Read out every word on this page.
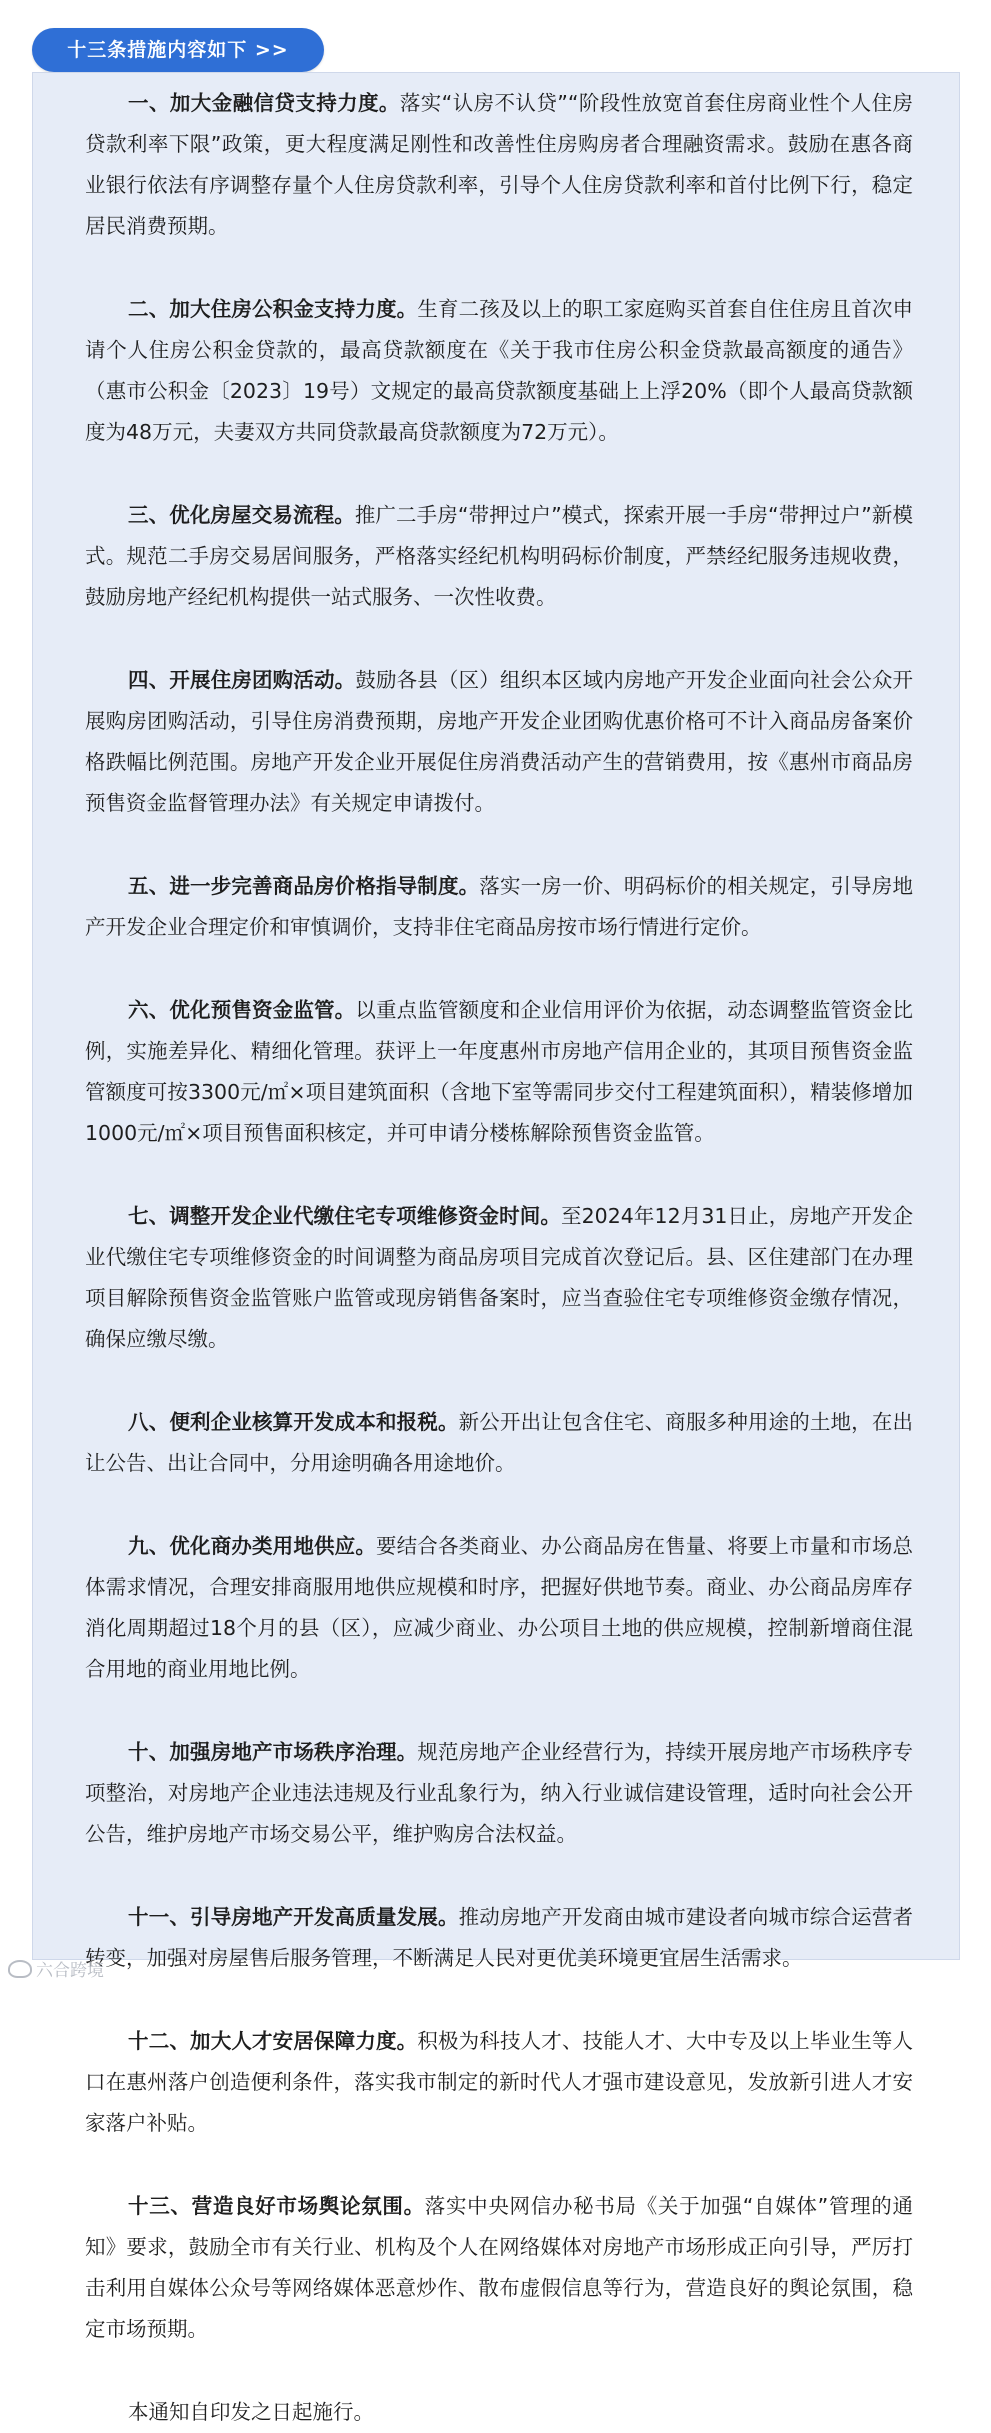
十三条措施内容如下 >>

一、加大金融信贷支持力度。落实“认房不认贷”“阶段性放宽首套住房商业性个人住房贷款利率下限”政策，更大程度满足刚性和改善性住房购房者合理融资需求。鼓励在惠各商业银行依法有序调整存量个人住房贷款利率，引导个人住房贷款利率和首付比例下行，稳定居民消费预期。

二、加大住房公积金支持力度。生育二孩及以上的职工家庭购买首套自住住房且首次申请个人住房公积金贷款的，最高贷款额度在《关于我市住房公积金贷款最高额度的通告》（惠市公积金〔2023〕19号）文规定的最高贷款额度基础上上浮20%（即个人最高贷款额度为48万元，夫妻双方共同贷款最高贷款额度为72万元）。

三、优化房屋交易流程。推广二手房“带押过户”模式，探索开展一手房“带押过户”新模式。规范二手房交易居间服务，严格落实经纪机构明码标价制度，严禁经纪服务违规收费，鼓励房地产经纪机构提供一站式服务、一次性收费。

四、开展住房团购活动。鼓励各县（区）组织本区域内房地产开发企业面向社会公众开展购房团购活动，引导住房消费预期，房地产开发企业团购优惠价格可不计入商品房备案价格跌幅比例范围。房地产开发企业开展促住房消费活动产生的营销费用，按《惠州市商品房预售资金监督管理办法》有关规定申请拨付。

五、进一步完善商品房价格指导制度。落实一房一价、明码标价的相关规定，引导房地产开发企业合理定价和审慎调价，支持非住宅商品房按市场行情进行定价。

六、优化预售资金监管。以重点监管额度和企业信用评价为依据，动态调整监管资金比例，实施差异化、精细化管理。获评上一年度惠州市房地产信用企业的，其项目预售资金监管额度可按3300元/㎡×项目建筑面积（含地下室等需同步交付工程建筑面积），精装修增加1000元/㎡×项目预售面积核定，并可申请分楼栋解除预售资金监管。

七、调整开发企业代缴住宅专项维修资金时间。至2024年12月31日止，房地产开发企业代缴住宅专项维修资金的时间调整为商品房项目完成首次登记后。县、区住建部门在办理项目解除预售资金监管账户监管或现房销售备案时，应当查验住宅专项维修资金缴存情况，确保应缴尽缴。

八、便利企业核算开发成本和报税。新公开出让包含住宅、商服多种用途的土地，在出让公告、出让合同中，分用途明确各用途地价。

九、优化商办类用地供应。要结合各类商业、办公商品房在售量、将要上市量和市场总体需求情况，合理安排商服用地供应规模和时序，把握好供地节奏。商业、办公商品房库存消化周期超过18个月的县（区），应减少商业、办公项目土地的供应规模，控制新增商住混合用地的商业用地比例。

十、加强房地产市场秩序治理。规范房地产企业经营行为，持续开展房地产市场秩序专项整治，对房地产企业违法违规及行业乱象行为，纳入行业诚信建设管理，适时向社会公开公告，维护房地产市场交易公平，维护购房合法权益。

十一、引导房地产开发高质量发展。推动房地产开发商由城市建设者向城市综合运营者转变，加强对房屋售后服务管理，不断满足人民对更优美环境更宜居生活需求。

十二、加大人才安居保障力度。积极为科技人才、技能人才、大中专及以上毕业生等人口在惠州落户创造便利条件，落实我市制定的新时代人才强市建设意见，发放新引进人才安家落户补贴。

十三、营造良好市场舆论氛围。落实中央网信办秘书局《关于加强“自媒体”管理的通知》要求，鼓励全市有关行业、机构及个人在网络媒体对房地产市场形成正向引导，严厉打击利用自媒体公众号等网络媒体恶意炒作、散布虚假信息等行为，营造良好的舆论氛围，稳定市场预期。

本通知自印发之日起施行。

六合跨境
